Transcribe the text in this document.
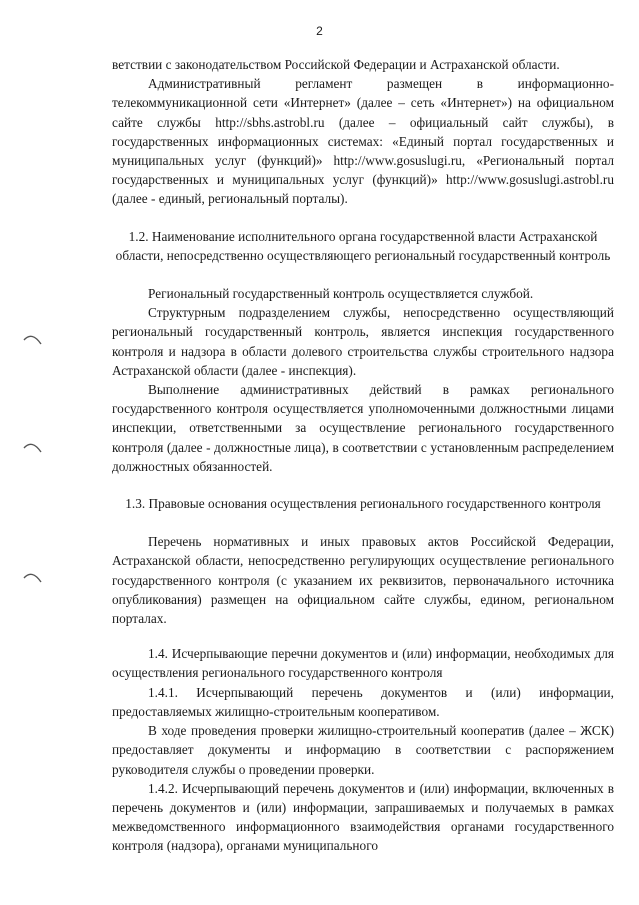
2

ветствии с законодательством Российской Федерации и Астраханской области.

Административный регламент размещен в информационно-телекоммуникационной сети «Интернет» (далее – сеть «Интернет») на официальном сайте службы http://sbhs.astrobl.ru (далее – официальный сайт службы), в государственных информационных системах: «Единый портал государственных и муниципальных услуг (функций)» http://www.gosuslugi.ru, «Региональный портал государственных и муниципальных услуг (функций)» http://www.gosuslugi.astrobl.ru (далее - единый, региональный порталы).

1.2. Наименование исполнительного органа государственной власти Астраханской области, непосредственно осуществляющего региональный государственный контроль

Региональный государственный контроль осуществляется службой.

Структурным подразделением службы, непосредственно осуществляющий региональный государственный контроль, является инспекция государственного контроля и надзора в области долевого строительства службы строительного надзора Астраханской области (далее - инспекция).

Выполнение административных действий в рамках регионального государственного контроля осуществляется уполномоченными должностными лицами инспекции, ответственными за осуществление регионального государственного контроля (далее - должностные лица), в соответствии с установленным распределением должностных обязанностей.

1.3. Правовые основания осуществления регионального государственного контроля

Перечень нормативных и иных правовых актов Российской Федерации, Астраханской области, непосредственно регулирующих осуществление регионального государственного контроля (с указанием их реквизитов, первоначального источника опубликования) размещен на официальном сайте службы, едином, региональном порталах.

1.4. Исчерпывающие перечни документов и (или) информации, необходимых для осуществления регионального государственного контроля

1.4.1. Исчерпывающий перечень документов и (или) информации, предоставляемых жилищно-строительным кооперативом.

В ходе проведения проверки жилищно-строительный кооператив (далее – ЖСК) предоставляет документы и информацию в соответствии с распоряжением руководителя службы о проведении проверки.

1.4.2. Исчерпывающий перечень документов и (или) информации, включенных в перечень документов и (или) информации, запрашиваемых и получаемых в рамках межведомственного информационного взаимодействия органами государственного контроля (надзора), органами муниципального
